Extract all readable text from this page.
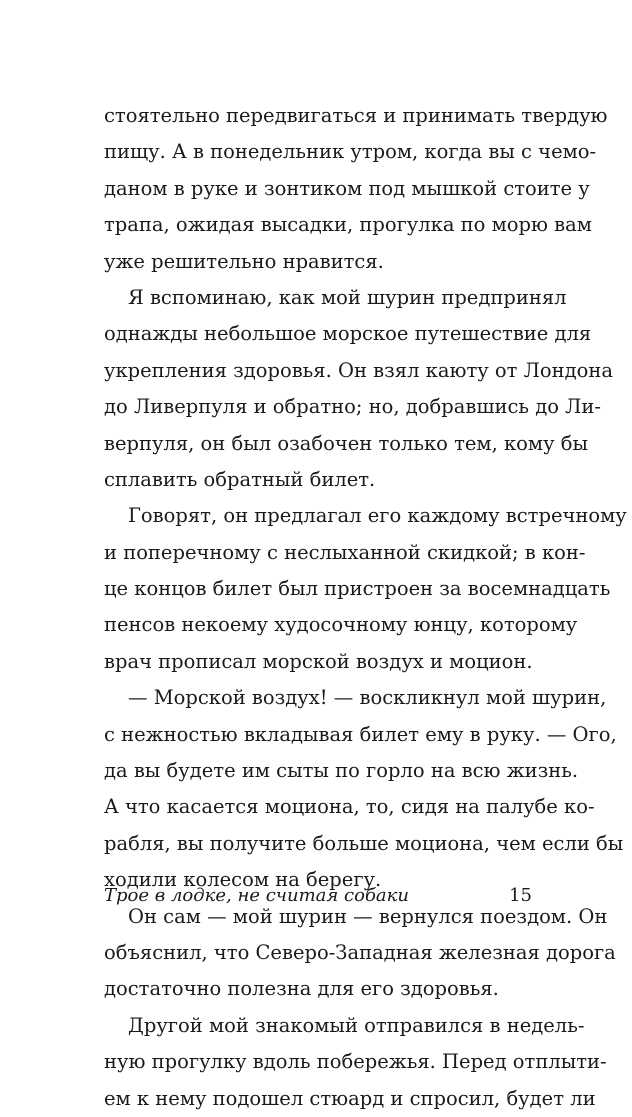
стоятельно передвигаться и принимать твердую
пищу. А в понедельник утром, когда вы с чемо-
даном в руке и зонтиком под мышкой стоите у
трапа, ожидая высадки, прогулка по морю вам
уже решительно нравится.
Я вспоминаю, как мой шурин предпринял
однажды небольшое морское путешествие для
укрепления здоровья. Он взял каюту от Лондона
до Ливерпуля и обратно; но, добравшись до Ли-
верпуля, он был озабочен только тем, кому бы
сплавить обратный билет.
Говорят, он предлагал его каждому встречному
и поперечному с неслыханной скидкой; в кон-
це концов билет был пристроен за восемнадцать
пенсов некоему худосочному юнцу, которому
врач прописал морской воздух и моцион.
— Морской воздух! — воскликнул мой шурин,
с нежностью вкладывая билет ему в руку. — Ого,
да вы будете им сыты по горло на всю жизнь.
А что касается моциона, то, сидя на палубе ко-
рабля, вы получите больше моциона, чем если бы
ходили колесом на берегу.
Он сам — мой шурин — вернулся поездом. Он
объяснил, что Северо-Западная железная дорога
достаточно полезна для его здоровья.
Другой мой знакомый отправился в недель-
ную прогулку вдоль побережья. Перед отплыти-
ем к нему подошел стюард и спросил, будет ли
Трое в лодке, не считая собаки	15
